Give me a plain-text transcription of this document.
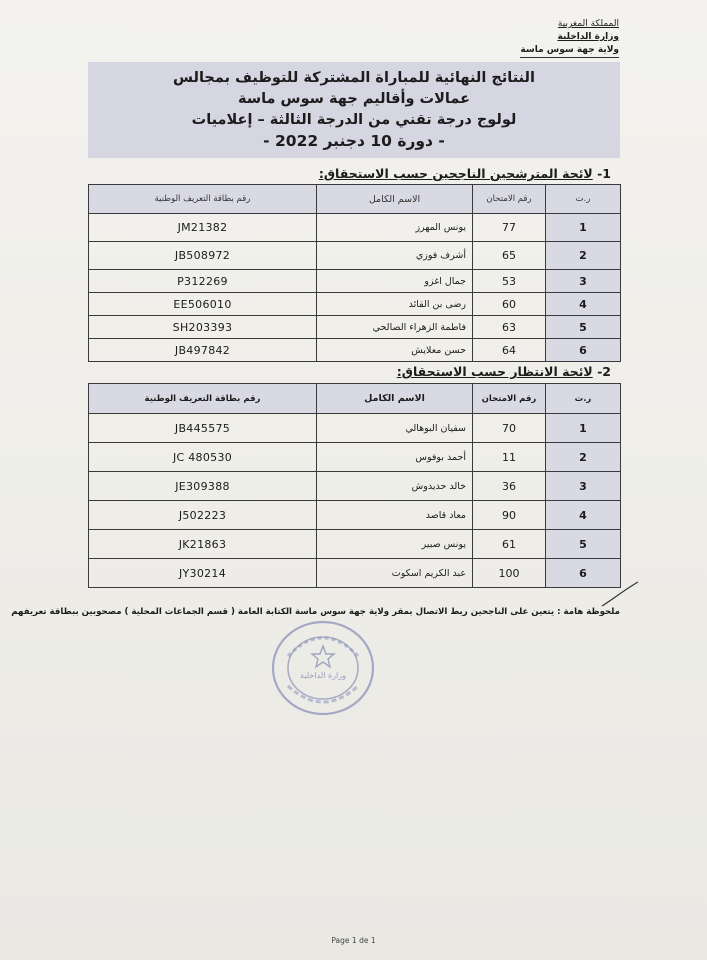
المملكة المغربية
وزارة الداخلية
ولاية جهة سوس ماسة
النتائج النهائية للمباراة المشتركة للتوظيف بمجالس
عمالات وأقاليم جهة سوس ماسة
لولوج درجة تقني من الدرجة الثالثة – إعلاميات
- دورة 10 دجنبر 2022 -
1- لائحة المترشحين الناجحين حسب الاستحقاق:
ر.ت	رقم الامتحان	الاسم الكامل	رقم بطاقة التعريف الوطنية
1	77	يونس المهرز	JM21382
2	65	أشرف فوزي	JB508972
3	53	جمال اغزو	P312269
4	60	رضى بن القائد	EE506010
5	63	فاطمة الزهراء الصالحي	SH203393
6	64	حسن معلايش	JB497842
2- لائحة الانتظار حسب الاستحقاق:
ر.ت	رقم الامتحان	الاسم الكامل	رقم بطاقة التعريف الوطنية
1	70	سفيان البوهالي	JB445575
2	11	أحمد بوفوس	JC 480530
3	36	خالد حديدوش	JE309388
4	90	معاد قاصد	J502223
5	61	يونس صبير	JK21863
6	100	عبد الكريم اسكوت	JY30214
ملحوظة هامة : يتعين على الناجحين ربط الاتصال بمقر ولاية جهة سوس ماسة الكتابة العامة ( قسم الجماعات المحلية ) مصحوبين ببطاقة تعريفهم
وزارة الداخلية
Page 1 de 1
